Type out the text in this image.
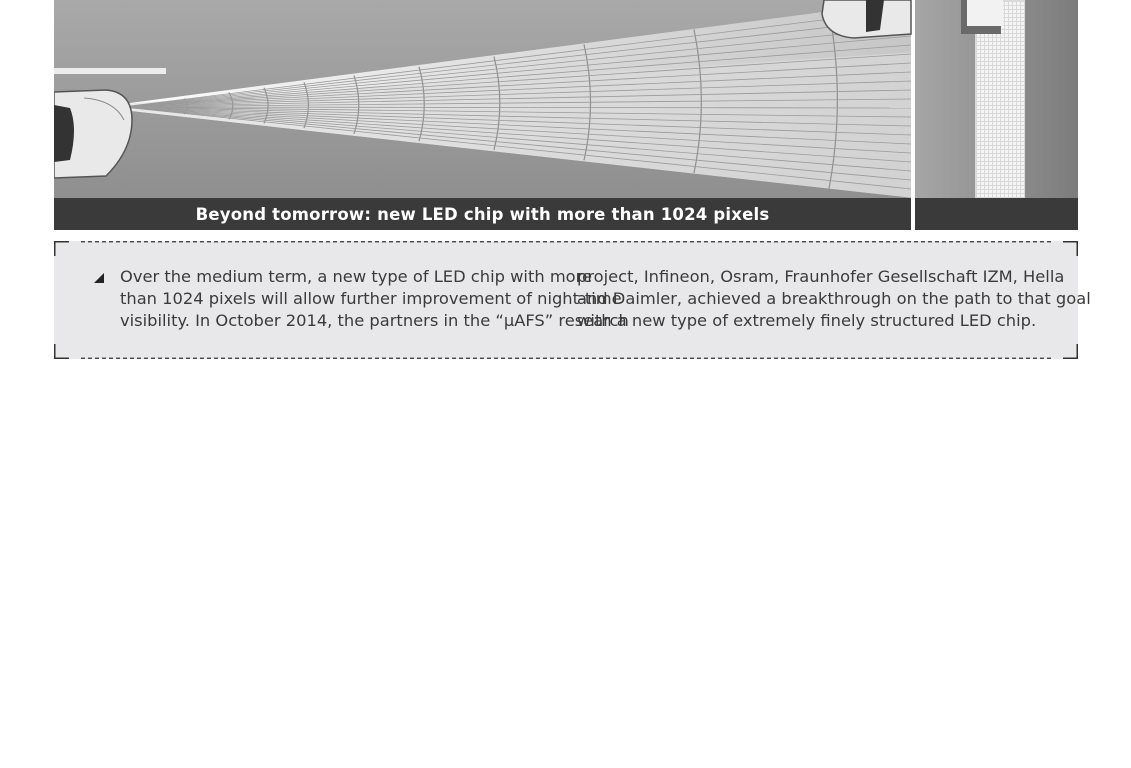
Beyond tomorrow: new LED chip with more than 1024 pixels
Over the medium term, a new type of LED chip with more
than 1024 pixels will allow further improvement of night-time
visibility. In October 2014, the partners in the “µAFS” research
project, Infineon, Osram, Fraunhofer Gesellschaft IZM, Hella
and Daimler, achieved a breakthrough on the path to that goal
with a new type of extremely finely structured LED chip.
